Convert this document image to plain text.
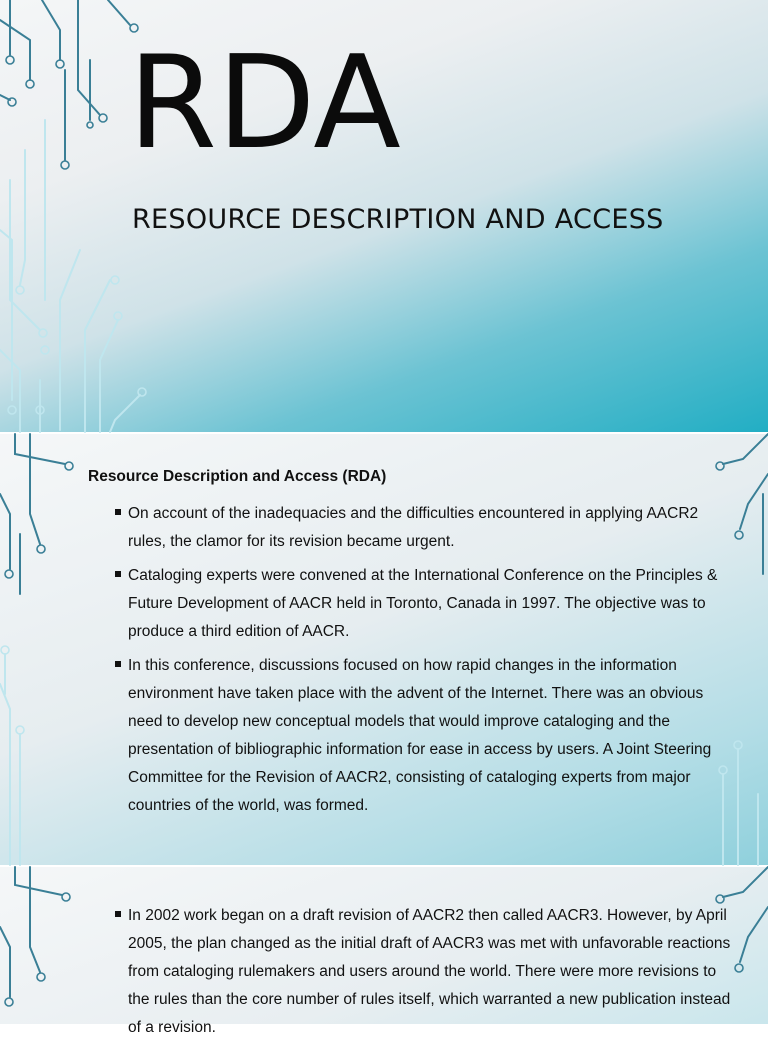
RDA
RESOURCE DESCRIPTION AND ACCESS
Resource Description and Access (RDA)
On account of the inadequacies and the difficulties encountered in applying AACR2 rules, the clamor for its revision became urgent.
Cataloging experts were convened at the International Conference on the Principles & Future Development of AACR held in Toronto, Canada in 1997. The objective was to produce a third edition of AACR.
In this conference, discussions focused on how rapid changes in the information environment have taken place with the advent of the Internet. There was an obvious need to develop new conceptual models that would improve cataloging and the presentation of bibliographic information for ease in access by users. A Joint Steering Committee for the Revision of AACR2, consisting of cataloging experts from major countries of the world, was formed.
In 2002 work began on a draft revision of AACR2 then called AACR3. However, by April 2005, the plan changed as the initial draft of AACR3 was met with unfavorable reactions from cataloging rulemakers and users around the world. There were more revisions to the rules than the core number of rules itself, which warranted a new publication instead of a revision.
